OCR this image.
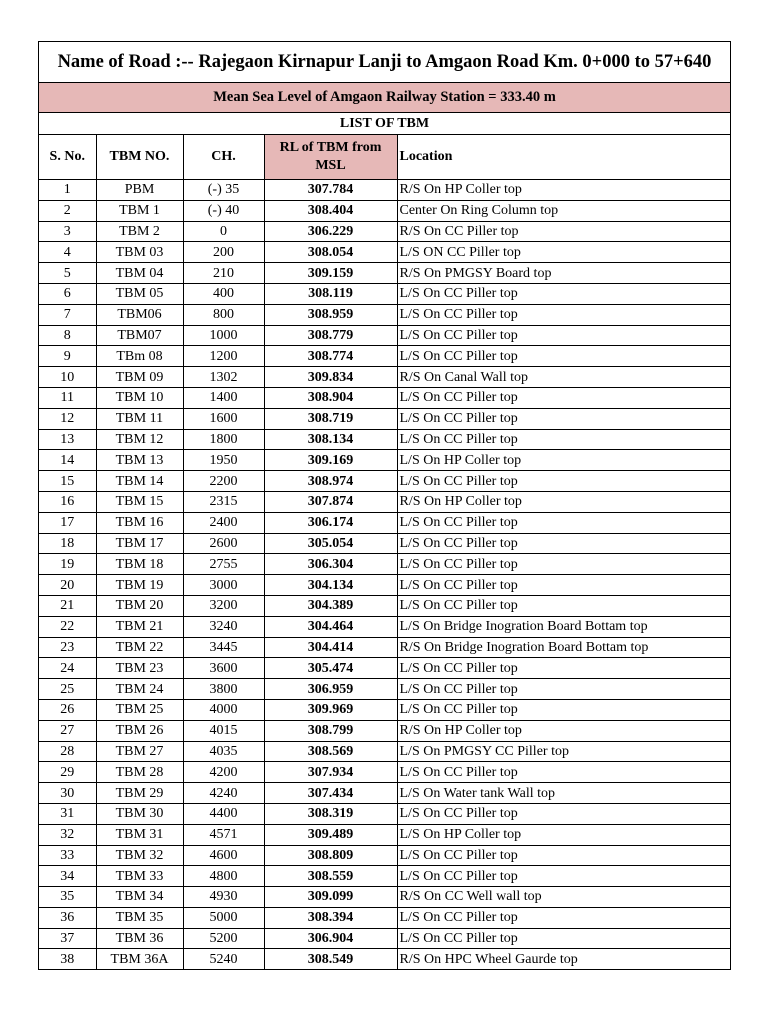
Name of Road :-- Rajegaon Kirnapur Lanji to Amgaon Road Km. 0+000 to 57+640
Mean Sea Level of Amgaon Railway Station = 333.40 m
LIST OF TBM
S. No.	TBM NO.	CH.	RL of TBM from MSL	Location
1	PBM	(-) 35	307.784	R/S On HP Coller top
2	TBM 1	(-) 40	308.404	Center On Ring Column top
3	TBM 2	0	306.229	R/S On CC Piller top
4	TBM 03	200	308.054	L/S ON CC Piller top
5	TBM 04	210	309.159	R/S On PMGSY Board top
6	TBM 05	400	308.119	L/S On CC Piller top
7	TBM06	800	308.959	L/S On CC Piller top
8	TBM07	1000	308.779	L/S On CC Piller top
9	TBm 08	1200	308.774	L/S On CC Piller top
10	TBM 09	1302	309.834	R/S On Canal Wall top
11	TBM 10	1400	308.904	L/S On CC Piller top
12	TBM 11	1600	308.719	L/S On CC Piller top
13	TBM 12	1800	308.134	L/S On CC Piller top
14	TBM 13	1950	309.169	L/S On HP Coller top
15	TBM 14	2200	308.974	L/S On CC Piller top
16	TBM 15	2315	307.874	R/S On HP Coller top
17	TBM 16	2400	306.174	L/S On CC Piller top
18	TBM 17	2600	305.054	L/S On CC Piller top
19	TBM 18	2755	306.304	L/S On CC Piller top
20	TBM 19	3000	304.134	L/S On CC Piller top
21	TBM 20	3200	304.389	L/S On CC Piller top
22	TBM 21	3240	304.464	L/S On Bridge Inogration Board Bottam top
23	TBM 22	3445	304.414	R/S On Bridge Inogration Board Bottam top
24	TBM 23	3600	305.474	L/S On CC Piller top
25	TBM 24	3800	306.959	L/S On CC Piller top
26	TBM 25	4000	309.969	L/S On CC Piller top
27	TBM 26	4015	308.799	R/S On HP Coller top
28	TBM 27	4035	308.569	L/S On PMGSY CC Piller top
29	TBM 28	4200	307.934	L/S On CC Piller top
30	TBM 29	4240	307.434	L/S On Water tank Wall top
31	TBM 30	4400	308.319	L/S On CC Piller top
32	TBM 31	4571	309.489	L/S On HP Coller top
33	TBM 32	4600	308.809	L/S On CC Piller top
34	TBM 33	4800	308.559	L/S On CC Piller top
35	TBM 34	4930	309.099	R/S On CC Well wall top
36	TBM 35	5000	308.394	L/S On CC Piller top
37	TBM 36	5200	306.904	L/S On CC Piller top
38	TBM 36A	5240	308.549	R/S On HPC Wheel Gaurde top
